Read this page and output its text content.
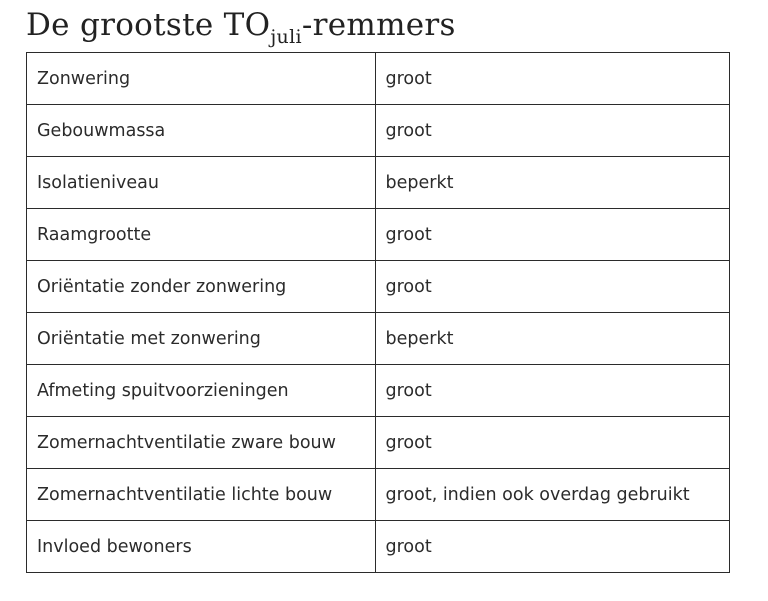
De grootste $TO_{juli}$-remmers
Zonwering	groot
Gebouwmassa	groot
Isolatieniveau	beperkt
Raamgrootte	groot
Oriëntatie zonder zonwering	groot
Oriëntatie met zonwering	beperkt
Afmeting spuitvoorzieningen	groot
Zomernachtventilatie zware bouw	groot
Zomernachtventilatie lichte bouw	groot, indien ook overdag gebruikt
Invloed bewoners	groot
